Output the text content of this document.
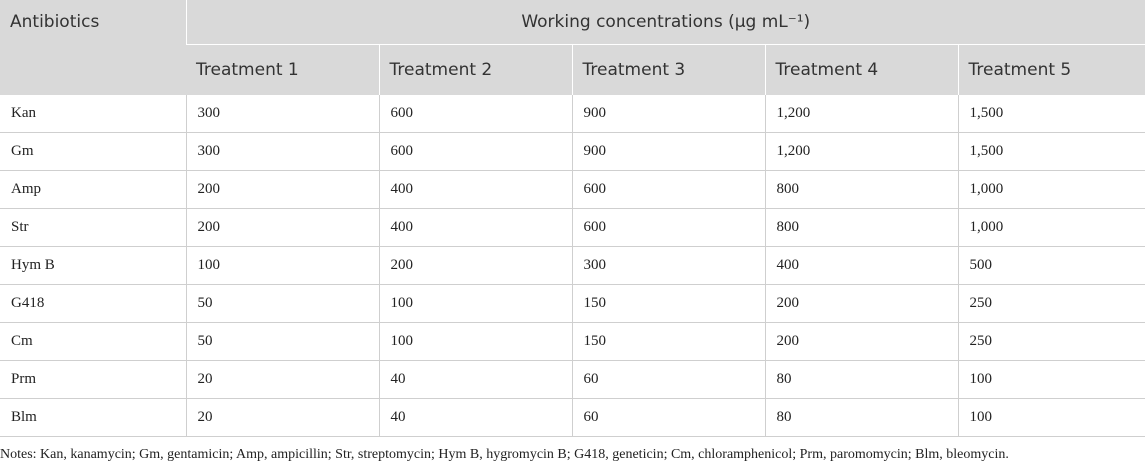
Antibiotics	Working concentrations (µg mL⁻¹)				
	Treatment 1	Treatment 2	Treatment 3	Treatment 4	Treatment 5
Kan	300	600	900	1,200	1,500
Gm	300	600	900	1,200	1,500
Amp	200	400	600	800	1,000
Str	200	400	600	800	1,000
Hym B	100	200	300	400	500
G418	50	100	150	200	250
Cm	50	100	150	200	250
Prm	20	40	60	80	100
Blm	20	40	60	80	100
Notes: Kan, kanamycin; Gm, gentamicin; Amp, ampicillin; Str, streptomycin; Hym B, hygromycin B; G418, geneticin; Cm, chloramphenicol; Prm, paromomycin; Blm, bleomycin.
